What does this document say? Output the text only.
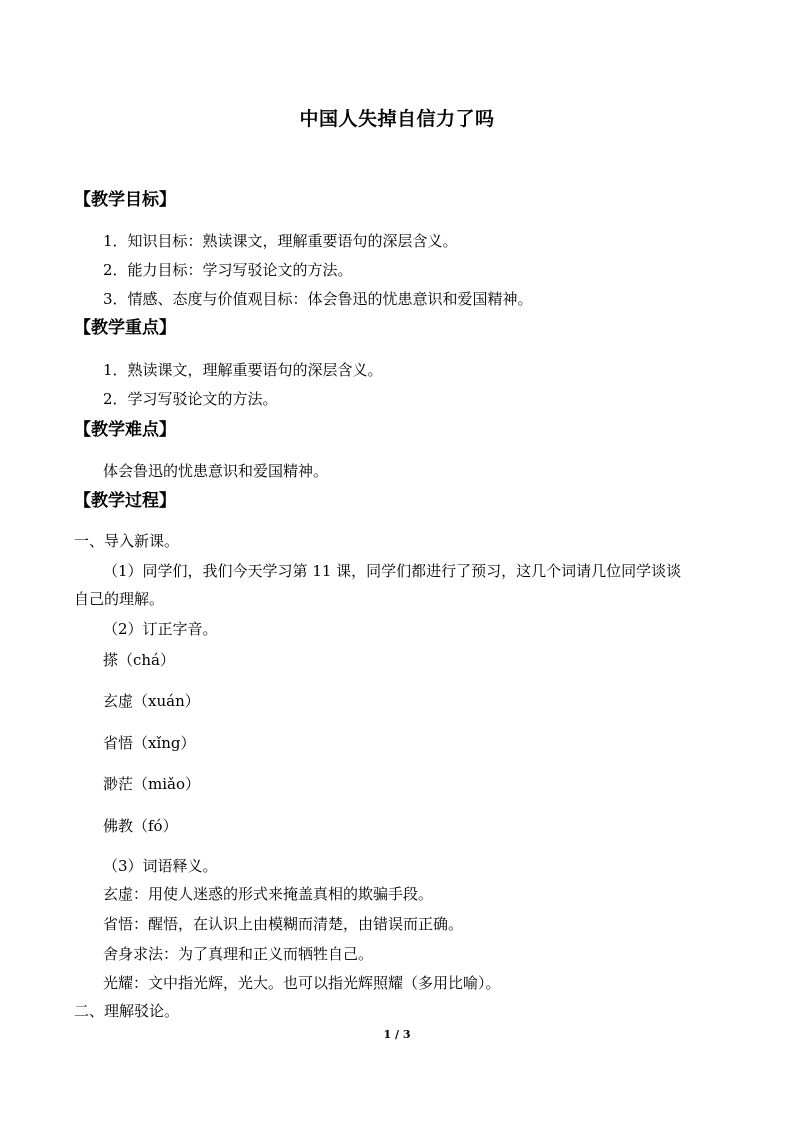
中国人失掉自信力了吗
【教学目标】
1．知识目标：熟读课文，理解重要语句的深层含义。
2．能力目标：学习写驳论文的方法。
3．情感、态度与价值观目标：体会鲁迅的忧患意识和爱国精神。
【教学重点】
1．熟读课文，理解重要语句的深层含义。
2．学习写驳论文的方法。
【教学难点】
体会鲁迅的忧患意识和爱国精神。
【教学过程】
一、导入新课。
（1）同学们，我们今天学习第 11 课，同学们都进行了预习，这几个词请几位同学谈谈
自己的理解。
（2）订正字音。
搽（chá）
玄虚（xuán）
省悟（xǐng）
渺茫（miǎo）
佛教（fó）
（3）词语释义。
玄虚：用使人迷惑的形式来掩盖真相的欺骗手段。
省悟：醒悟，在认识上由模糊而清楚，由错误而正确。
舍身求法：为了真理和正义而牺牲自己。
光耀：文中指光辉，光大。也可以指光辉照耀（多用比喻）。
二、理解驳论。
1 / 3
